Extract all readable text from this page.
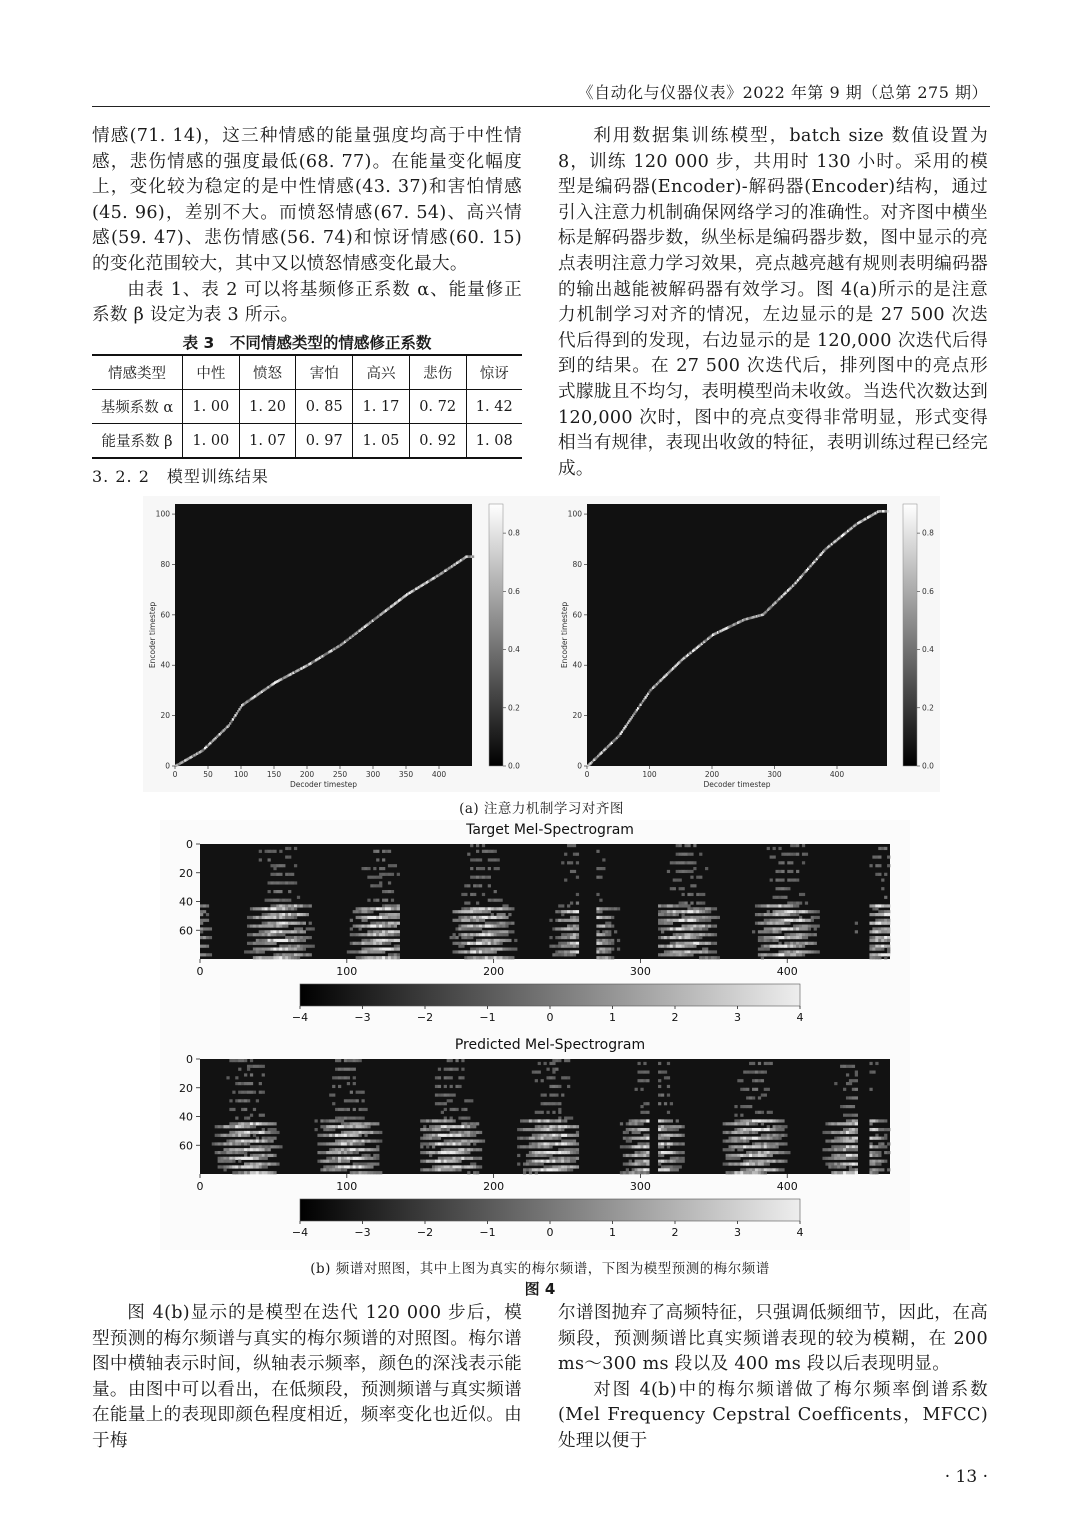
《自动化与仪器仪表》2022 年第 9 期（总第 275 期）

情感(71. 14)，这三种情感的能量强度均高于中性情感，悲伤情感的强度最低(68. 77)。在能量变化幅度上，变化较为稳定的是中性情感(43. 37)和害怕情感(45. 96)，差别不大。而愤怒情感(67. 54)、高兴情感(59. 47)、悲伤情感(56. 74)和惊讶情感(60. 15)的变化范围较大，其中又以愤怒情感变化最大。

由表 1、表 2 可以将基频修正系数 α、能量修正系数 β 设定为表 3 所示。

表 3　不同情感类型的情感修正系数
情感类型	中性	愤怒	害怕	高兴	悲伤	惊讶
基频系数 α	1. 00	1. 20	0. 85	1. 17	0. 72	1. 42
能量系数 β	1. 00	1. 07	0. 97	1. 05	0. 92	1. 08

利用数据集训练模型，batch size 数值设置为 8，训练 120 000 步，共用时 130 小时。采用的模型是编码器(Encoder)-解码器(Encoder)结构，通过引入注意力机制确保网络学习的准确性。对齐图中横坐标是解码器步数，纵坐标是编码器步数，图中显示的亮点表明注意力学习效果，亮点越亮越有规则表明编码器的输出越能被解码器有效学习。图 4(a)所示的是注意力机制学习对齐的情况，左边显示的是 27 500 次迭代后得到的发现，右边显示的是 120,000 次迭代后得到的结果。在 27 500 次迭代后，排列图中的亮点形式朦胧且不均匀，表明模型尚未收敛。当迭代次数达到 120,000 次时，图中的亮点变得非常明显，形式变得相当有规律，表现出收敛的特征，表明训练过程已经完成。

3. 2. 2　模型训练结果
0	50	100 150 200 250 300 350 400
0
20
40
60
80
100
Decoder timestep
Encoder timestep
0.0
0.2
0.4
0.6
0.8
0	100	200	300	400
0
20
40
60
80
100
Decoder timestep
Encoder timestep
0.0
0.2
0.4
0.6
0.8
(a) 注意力机制学习对齐图
Target Mel-Spectrogram
0	100	200	300	400
0
20
40
60
−4	−3	−2	−1	0	1	2	3	4
Predicted Mel-Spectrogram
0	100	200	300	400
0
20
40
60
−4	−3	−2	−1	0	1	2	3	4
(b) 频谱对照图，其中上图为真实的梅尔频谱，下图为模型预测的梅尔频谱
图 4

图 4(b)显示的是模型在迭代 120 000 步后，模型预测的梅尔频谱与真实的梅尔频谱的对照图。梅尔谱图中横轴表示时间，纵轴表示频率，颜色的深浅表示能量。由图中可以看出，在低频段，预测频谱与真实频谱在能量上的表现即颜色程度相近，频率变化也近似。由于梅

尔谱图抛弃了高频特征，只强调低频细节，因此，在高频段，预测频谱比真实频谱表现的较为模糊，在 200 ms～300 ms 段以及 400 ms 段以后表现明显。

对图 4(b)中的梅尔频谱做了梅尔频率倒谱系数(Mel Frequency Cepstral Coefficents，MFCC)处理以便于

· 13 ·
